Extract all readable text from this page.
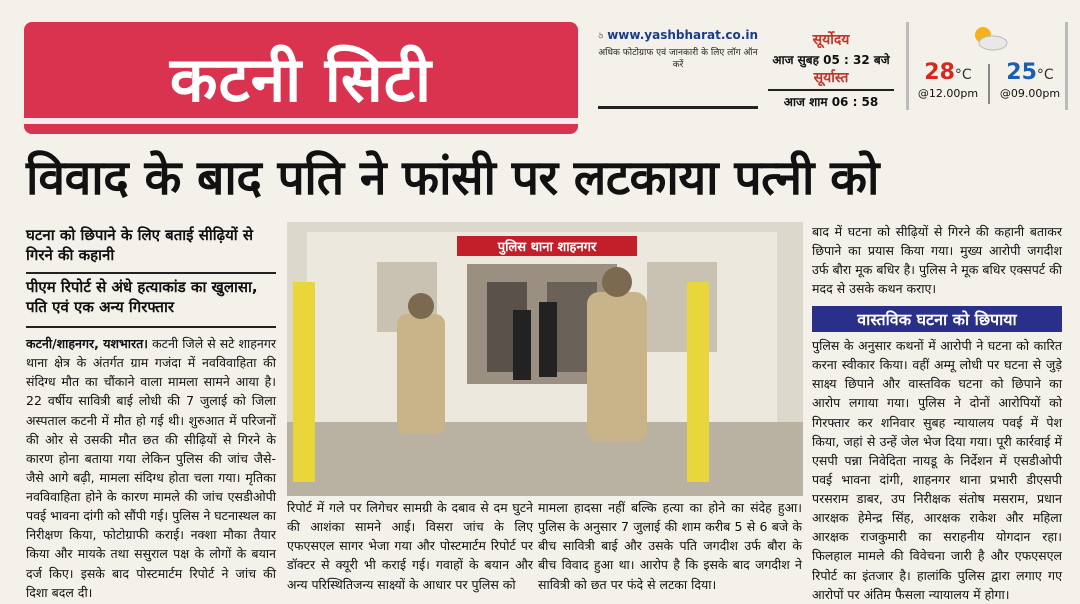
कटनी सिटी
www.yashbharat.co.in
अधिक फोटोग्राफ एवं जानकारी के लिए लॉग ऑन करें
सूर्योदय
आज सुबह 05 : 32 बजे
सूर्यास्त
आज शाम 06 : 58
28°C
@12.00pm
25°C
@09.00pm
विवाद के बाद पति ने फांसी पर लटकाया पत्नी को
घटना को छिपाने के लिए बताई सीढ़ियों से गिरने की कहानी
पीएम रिपोर्ट से अंधे हत्याकांड का खुलासा, पति एवं एक अन्य गिरफ्तार
कटनी/शाहनगर, यशभारत। कटनी जिले से सटे शाहनगर थाना क्षेत्र के अंतर्गत ग्राम गजंदा में नवविवाहिता की संदिग्ध मौत का चौंकाने वाला मामला सामने आया है। 22 वर्षीय सावित्री बाई लोधी की 7 जुलाई को जिला अस्पताल कटनी में मौत हो गई थी। शुरुआत में परिजनों की ओर से उसकी मौत छत की सीढ़ियों से गिरने के कारण होना बताया गया लेकिन पुलिस की जांच जैसे-जैसे आगे बढ़ी, मामला संदिग्ध होता चला गया। मृतिका नवविवाहिता होने के कारण मामले की जांच एसडीओपी पवई भावना दांगी को सौंपी गई। पुलिस ने घटनास्थल का निरीक्षण किया, फोटोग्राफी कराई। नक्शा मौका तैयार किया और मायके तथा ससुराल पक्ष के लोगों के बयान दर्ज किए। इसके बाद पोस्टमार्टम रिपोर्ट ने जांच की दिशा बदल दी।
पुलिस थाना शाहनगर
रिपोर्ट में गले पर लिगेचर सामग्री के दबाव से दम घुटने की आशंका सामने आई। विसरा जांच के लिए एफएसएल सागर भेजा गया और पोस्टमार्टम रिपोर्ट पर डॉक्टर से क्यूरी भी कराई गई। गवाहों के बयान और अन्य परिस्थितिजन्य साक्ष्यों के आधार पर पुलिस को
मामला हादसा नहीं बल्कि हत्या का होने का संदेह हुआ। पुलिस के अनुसार 7 जुलाई की शाम करीब 5 से 6 बजे के बीच सावित्री बाई और उसके पति जगदीश उर्फ बौरा के बीच विवाद हुआ था। आरोप है कि इसके बाद जगदीश ने सावित्री को छत पर फंदे से लटका दिया।
बाद में घटना को सीढ़ियों से गिरने की कहानी बताकर छिपाने का प्रयास किया गया। मुख्य आरोपी जगदीश उर्फ बौरा मूक बधिर है। पुलिस ने मूक बधिर एक्सपर्ट की मदद से उसके कथन कराए।
वास्तविक घटना को छिपाया
पुलिस के अनुसार कथनों में आरोपी ने घटना को कारित करना स्वीकार किया। वहीं अम्मू लोधी पर घटना से जुड़े साक्ष्य छिपाने और वास्तविक घटना को छिपाने का आरोप लगाया गया। पुलिस ने दोनों आरोपियों को गिरफ्तार कर शनिवार सुबह न्यायालय पवई में पेश किया, जहां से उन्हें जेल भेज दिया गया। पूरी कार्रवाई में एसपी पन्ना निवेदिता नायडू के निर्देशन में एसडीओपी पवई भावना दांगी, शाहनगर थाना प्रभारी डीएसपी परसराम डाबर, उप निरीक्षक संतोष मसराम, प्रधान आरक्षक हेमेन्द्र सिंह, आरक्षक राकेश और महिला आरक्षक राजकुमारी का सराहनीय योगदान रहा। फिलहाल मामले की विवेचना जारी है और एफएसएल रिपोर्ट का इंतजार है। हालांकि पुलिस द्वारा लगाए गए आरोपों पर अंतिम फैसला न्यायालय में होगा।
